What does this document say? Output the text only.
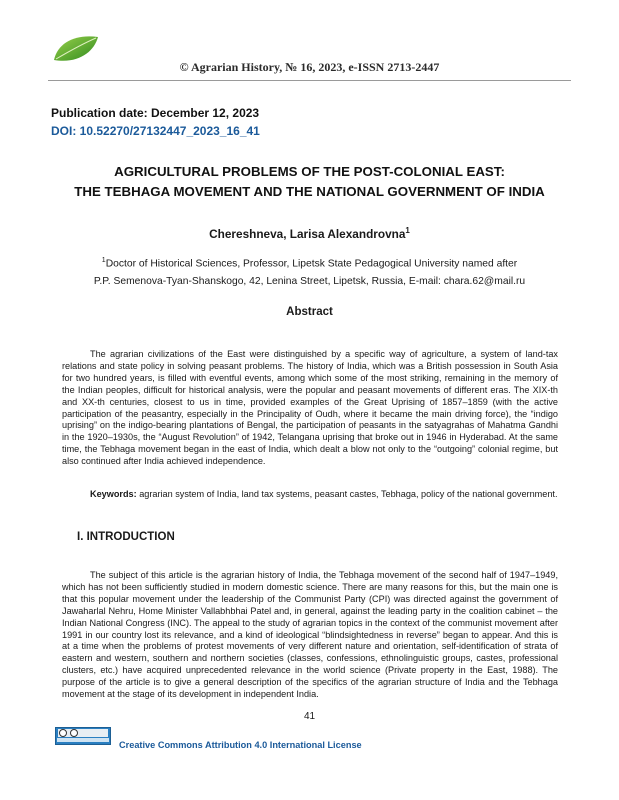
© Agrarian History, № 16, 2023, e-ISSN 2713-2447
Publication date: December 12, 2023
DOI: 10.52270/27132447_2023_16_41
AGRICULTURAL PROBLEMS OF THE POST-COLONIAL EAST:
THE TEBHAGA MOVEMENT AND THE NATIONAL GOVERNMENT OF INDIA
Chereshneva, Larisa Alexandrovna$^1$
$^1$Doctor of Historical Sciences, Professor, Lipetsk State Pedagogical University named after
P.P. Semenova-Tyan-Shanskogo, 42, Lenina Street, Lipetsk, Russia, E-mail: chara.62@mail.ru
Abstract
The agrarian civilizations of the East were distinguished by a specific way of agriculture, a system of land-tax relations and state policy in solving peasant problems. The history of India, which was a British possession in South Asia for two hundred years, is filled with eventful events, among which some of the most striking, remaining in the memory of the Indian peoples, difficult for historical analysis, were the popular and peasant movements of different eras. The XIX-th and XX-th centuries, closest to us in time, provided examples of the Great Uprising of 1857–1859 (with the active participation of the peasantry, especially in the Principality of Oudh, where it became the main driving force), the “indigo uprising” on the indigo-bearing plantations of Bengal, the participation of peasants in the satyagrahas of Mahatma Gandhi in the 1920–1930s, the “August Revolution” of 1942, Telangana uprising that broke out in 1946 in Hyderabad. At the same time, the Tebhaga movement began in the east of India, which dealt a blow not only to the “outgoing” colonial regime, but also continued after India achieved independence.
Keywords: agrarian system of India, land tax systems, peasant castes, Tebhaga, policy of the national government.
I. INTRODUCTION
The subject of this article is the agrarian history of India, the Tebhaga movement of the second half of 1947–1949, which has not been sufficiently studied in modern domestic science. There are many reasons for this, but the main one is that this popular movement under the leadership of the Communist Party (CPI) was directed against the government of Jawaharlal Nehru, Home Minister Vallabhbhai Patel and, in general, against the leading party in the coalition cabinet – the Indian National Congress (INC). The appeal to the study of agrarian topics in the context of the communist movement after 1991 in our country lost its relevance, and a kind of ideological “blindsightedness in reverse” began to appear. And this is at a time when the problems of protest movements of very different nature and orientation, self-identification of strata of eastern and western, southern and northern societies (classes, confessions, ethnolinguistic groups, castes, professional clusters, etc.) have acquired unprecedented relevance in the world science (Private property in the East, 1988). The purpose of the article is to give a general description of the specifics of the agrarian structure of India and the Tebhaga movement at the stage of its development in independent India.
41
Creative Commons Attribution 4.0 International License
